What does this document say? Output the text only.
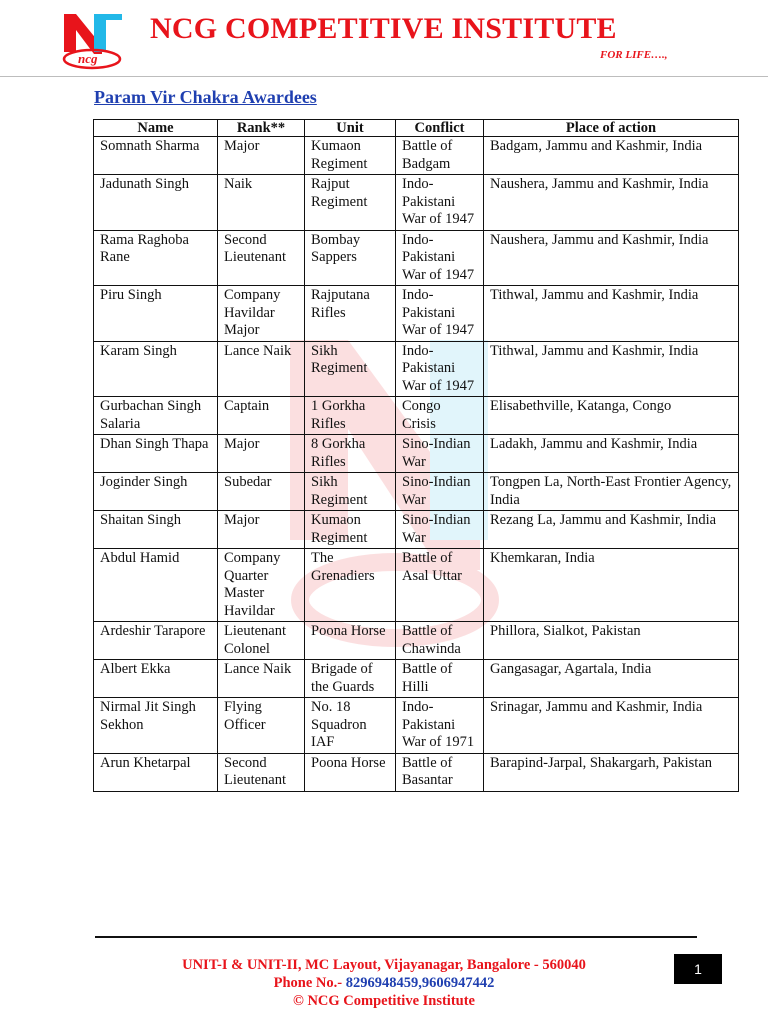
ncg
NCG COMPETITIVE INSTITUTE
FOR LIFE….,
Param Vir Chakra Awardees
Name	Rank**	Unit	Conflict	Place of action
Somnath Sharma	Major	Kumaon Regiment	Battle of Badgam	Badgam, Jammu and Kashmir, India
Jadunath Singh	Naik	Rajput Regiment	Indo-Pakistani War of 1947	Naushera, Jammu and Kashmir, India
Rama Raghoba Rane	Second Lieutenant	Bombay Sappers	Indo-Pakistani War of 1947	Naushera, Jammu and Kashmir, India
Piru Singh	Company Havildar Major	Rajputana Rifles	Indo-Pakistani War of 1947	Tithwal, Jammu and Kashmir, India
Karam Singh	Lance Naik	Sikh Regiment	Indo-Pakistani War of 1947	Tithwal, Jammu and Kashmir, India
Gurbachan Singh Salaria	Captain	1 Gorkha Rifles	Congo Crisis	Elisabethville, Katanga, Congo
Dhan Singh Thapa	Major	8 Gorkha Rifles	Sino-Indian War	Ladakh, Jammu and Kashmir, India
Joginder Singh	Subedar	Sikh Regiment	Sino-Indian War	Tongpen La, North-East Frontier Agency, India
Shaitan Singh	Major	Kumaon Regiment	Sino-Indian War	Rezang La, Jammu and Kashmir, India
Abdul Hamid	Company Quarter Master Havildar	The Grenadiers	Battle of Asal Uttar	Khemkaran, India
Ardeshir Tarapore	Lieutenant Colonel	Poona Horse	Battle of Chawinda	Phillora, Sialkot, Pakistan
Albert Ekka	Lance Naik	Brigade of the Guards	Battle of Hilli	Gangasagar, Agartala, India
Nirmal Jit Singh Sekhon	Flying Officer	No. 18 Squadron IAF	Indo-Pakistani War of 1971	Srinagar, Jammu and Kashmir, India
Arun Khetarpal	Second Lieutenant	Poona Horse	Battle of Basantar	Barapind-Jarpal, Shakargarh, Pakistan
UNIT-I & UNIT-II, MC Layout, Vijayanagar, Bangalore - 560040
Phone No.- 8296948459,9606947442
© NCG Competitive Institute
1
